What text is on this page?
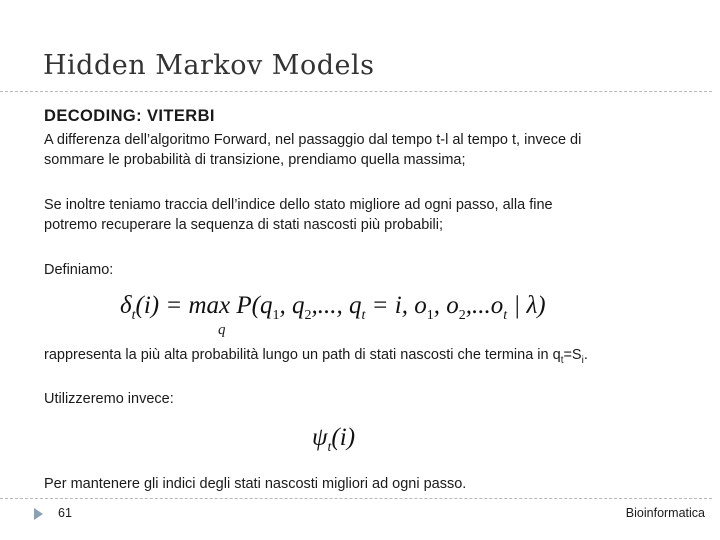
Hidden Markov Models
DECODING: VITERBI
A differenza dell’algoritmo Forward, nel passaggio dal tempo t-l al tempo t, invece di
sommare le probabilità di transizione, prendiamo quella massima;
Se inoltre teniamo traccia dell’indice dello stato migliore ad ogni passo, alla fine
potremo recuperare la sequenza di stati nascosti più probabili;
Definiamo:
$\delta_t(i) = \max P(q_1$, $q_2$,..., $q_t = i$, $o_1$, $o_2,...o_t$ | λ)
q
rappresenta la più alta probabilità lungo un path di stati nascosti che termina in $q_t=S_i$.
Utilizzeremo invece:
$\psi_t(i)$
Per mantenere gli indici degli stati nascosti migliori ad ogni passo.
61	Bioinformatica
